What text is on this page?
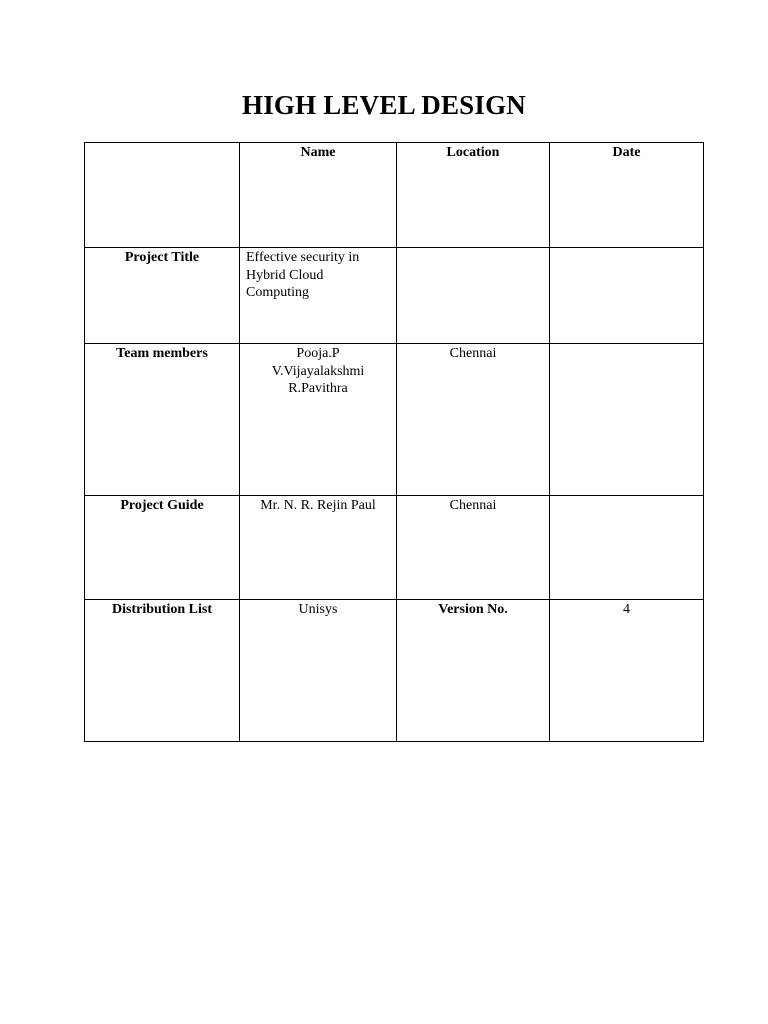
HIGH LEVEL DESIGN

	Name	Location	Date

Project Title	Effective security in
Hybrid Cloud
Computing		

Team members	Pooja.P
V.Vijayalakshmi
R.Pavithra	Chennai	

Project Guide	Mr. N. R. Rejin Paul	Chennai	

Distribution List	Unisys	Version No.	4
